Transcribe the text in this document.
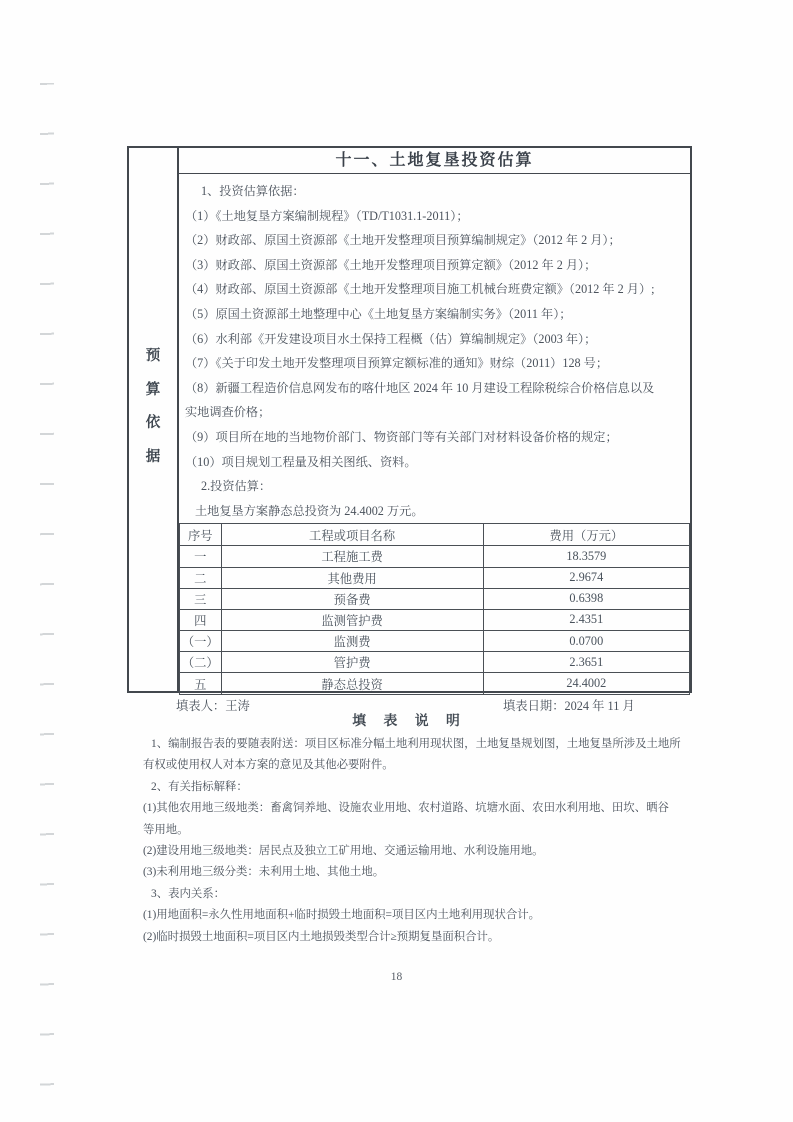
预
算
依
据
十一、土地复垦投资估算
1、投资估算依据：
（1）《土地复垦方案编制规程》（TD/T1031.1-2011）；
（2）财政部、原国土资源部《土地开发整理项目预算编制规定》（2012 年 2 月）；
（3）财政部、原国土资源部《土地开发整理项目预算定额》（2012 年 2 月）；
（4）财政部、原国土资源部《土地开发整理项目施工机械台班费定额》（2012 年 2 月）;
（5）原国土资源部土地整理中心《土地复垦方案编制实务》（2011 年）；
（6）水利部《开发建设项目水土保持工程概（估）算编制规定》（2003 年）；
（7）《关于印发土地开发整理项目预算定额标准的通知》财综（2011）128 号；
（8）新疆工程造价信息网发布的喀什地区 2024 年 10 月建设工程除税综合价格信息以及
实地调查价格；
（9）项目所在地的当地物价部门、物资部门等有关部门对材料设备价格的规定；
（10）项目规划工程量及相关图纸、资料。
2.投资估算：
土地复垦方案静态总投资为 24.4002 万元。
序号	工程或项目名称	费用（万元）
一	工程施工费	18.3579
二	其他费用	2.9674
三	预备费	0.6398
四	监测管护费	2.4351
（一）	监测费	0.0700
（二）	管护费	2.3651
五	静态总投资	24.4002
填表人：王涛	填表日期：2024 年 11 月
填 表 说 明
1、编制报告表的要随表附送：项目区标准分幅土地利用现状图，土地复垦规划图，土地复垦所涉及土地所
有权或使用权人对本方案的意见及其他必要附件。
2、有关指标解释：
(1)其他农用地三级地类：畜禽饲养地、设施农业用地、农村道路、坑塘水面、农田水利用地、田坎、晒谷
等用地。
(2)建设用地三级地类：居民点及独立工矿用地、交通运输用地、水利设施用地。
(3)未利用地三级分类：未利用土地、其他土地。
3、表内关系：
(1)用地面积=永久性用地面积+临时损毁土地面积=项目区内土地利用现状合计。
(2)临时损毁土地面积=项目区内土地损毁类型合计≥预期复垦面积合计。
18
